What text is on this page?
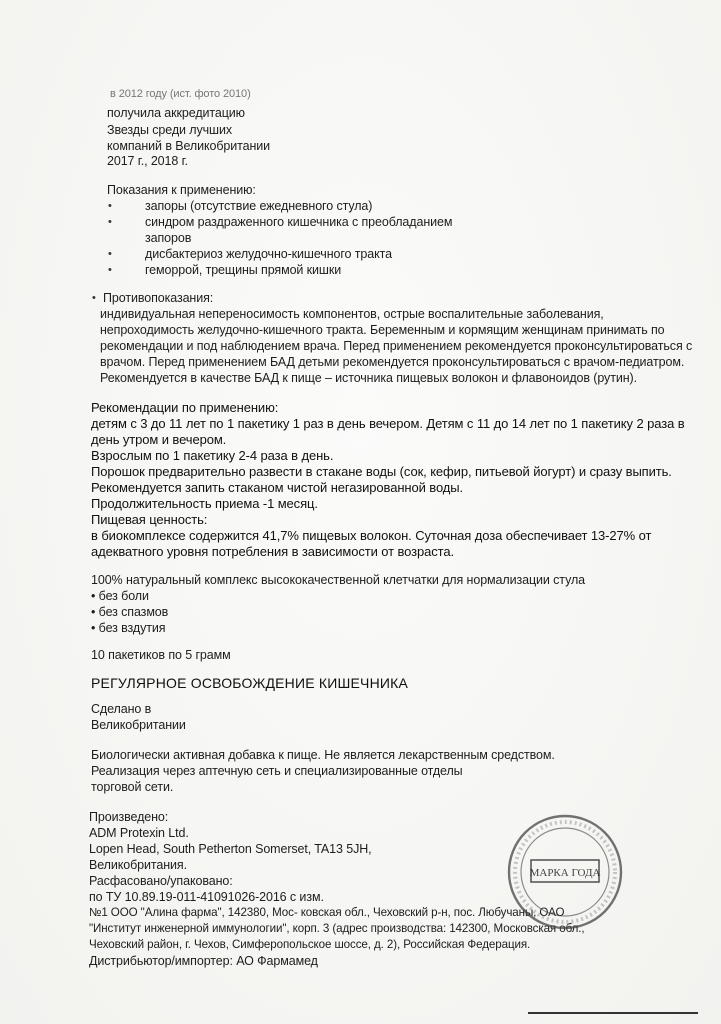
в 2012 году (ист. фото 2010)
получила аккредитацию
Звезды среди лучших
компаний в Великобритании
2017 г., 2018 г.
Показания к применению:
•	запоры (отсутствие ежедневного стула)
•	синдром раздраженного кишечника с преобладанием
запоров
•	дисбактериоз желудочно-кишечного тракта
•	геморрой, трещины прямой кишки
• Противопоказания:
индивидуальная непереносимость компонентов, острые воспалительные заболевания,
непроходимость желудочно-кишечного тракта. Беременным и кормящим женщинам принимать по
рекомендации и под наблюдением врача. Перед применением рекомендуется проконсультироваться с
врачом. Перед применением БАД детьми рекомендуется проконсультироваться с врачом-педиатром.
Рекомендуется в качестве БАД к пище – источника пищевых волокон и флавоноидов (рутин).
Рекомендации по применению:
детям с 3 до 11 лет по 1 пакетику 1 раз в день вечером. Детям с 11 до 14 лет по 1 пакетику 2 раза в
день утром и вечером.
Взрослым по 1 пакетику 2-4 раза в день.
Порошок предварительно развести в стакане воды (сок, кефир, питьевой йогурт) и сразу выпить.
Рекомендуется запить стаканом чистой негазированной воды.
Продолжительность приема -1 месяц.
Пищевая ценность:
в биокомплексе содержится 41,7% пищевых волокон. Суточная доза обеспечивает 13-27% от
адекватного уровня потребления в зависимости от возраста.
100% натуральный комплекс высококачественной клетчатки для нормализации стула
• без боли
• без спазмов
• без вздутия
10 пакетиков по 5 грамм
РЕГУЛЯРНОЕ ОСВОБОЖДЕНИЕ КИШЕЧНИКА
Сделано в
Великобритании
Биологически активная добавка к пище. Не является лекарственным средством.
Реализация через аптечную сеть и специализированные отделы
торговой сети.
Произведено:
ADM Protexin Ltd.
Lopen Head, South Petherton Somerset, TA13 5JH,
Великобритания.
Расфасовано/упаковано:
по ТУ 10.89.19-011-41091026-2016 с изм.
№1 ООО "Алина фарма", 142380, Мос- ковская обл., Чеховский р-н, пос. Любучаны, ОАО
"Институт инженерной иммунологии", корп. 3 (адрес производства: 142300, Московская обл.,
Чеховский район, г. Чехов, Симферопольское шоссе, д. 2), Российская Федерация.
Дистрибьютор/импортер: АО Фармамед
МАРКА ГОДА
